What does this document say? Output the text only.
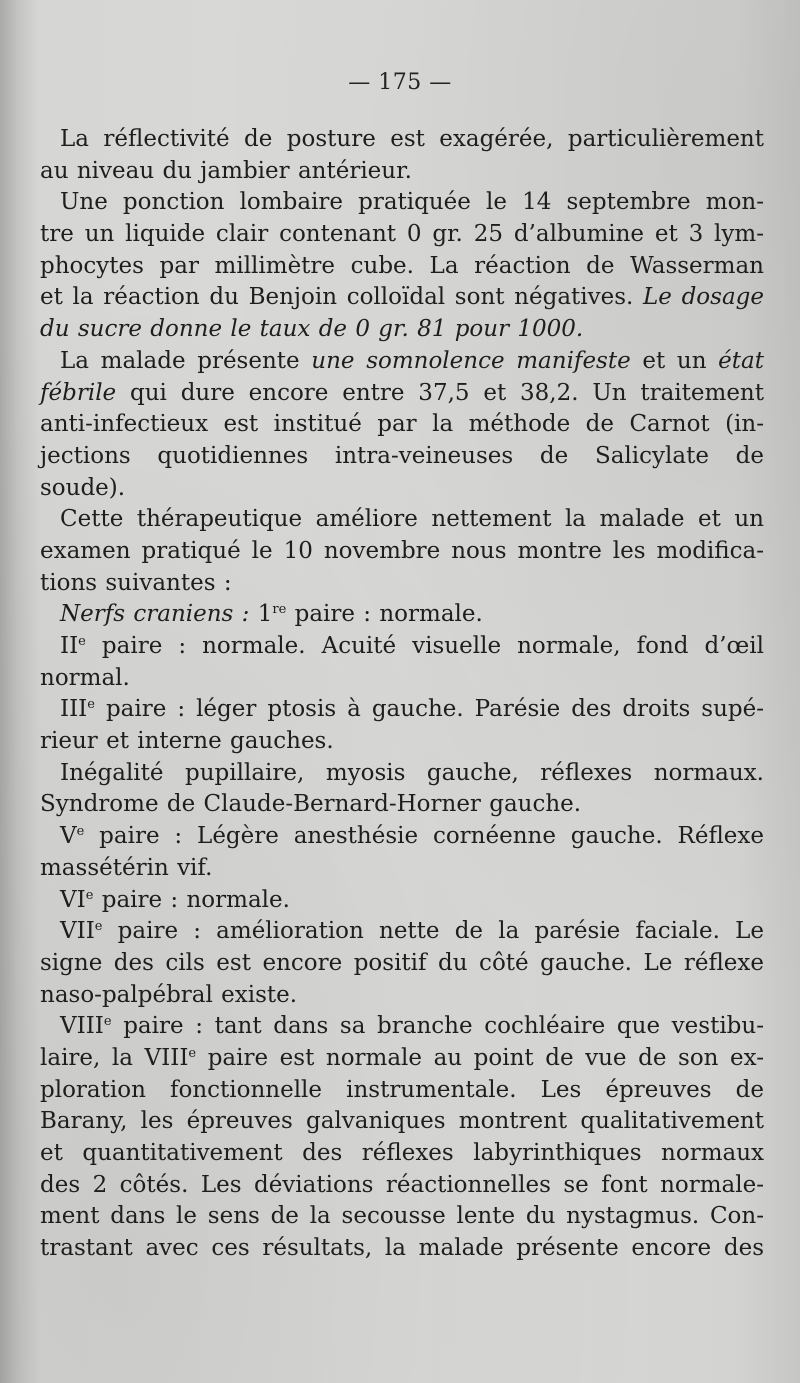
— 175 —
La réflectivité de posture est exagérée, particulièrement
au niveau du jambier antérieur.
Une ponction lombaire pratiquée le 14 septembre mon-
tre un liquide clair contenant 0 gr. 25 d’albumine et 3 lym-
phocytes par millimètre cube. La réaction de Wasserman
et la réaction du Benjoin colloïdal sont négatives. Le dosage
du sucre donne le taux de 0 gr. 81 pour 1000.
La malade présente une somnolence manifeste et un état
fébrile qui dure encore entre 37,5 et 38,2. Un traitement
anti-infectieux est institué par la méthode de Carnot (in-
jections quotidiennes intra-veineuses de Salicylate de
soude).
Cette thérapeutique améliore nettement la malade et un
examen pratiqué le 10 novembre nous montre les modifica-
tions suivantes :
Nerfs craniens : 1re paire : normale.
IIe paire : normale. Acuité visuelle normale, fond d’œil
normal.
IIIe paire : léger ptosis à gauche. Parésie des droits supé-
rieur et interne gauches.
Inégalité pupillaire, myosis gauche, réflexes normaux.
Syndrome de Claude-Bernard-Horner gauche.
Ve paire : Légère anesthésie cornéenne gauche. Réflexe
massétérin vif.
VIe paire : normale.
VIIe paire : amélioration nette de la parésie faciale. Le
signe des cils est encore positif du côté gauche. Le réflexe
naso-palpébral existe.
VIIIe paire : tant dans sa branche cochléaire que vestibu-
laire, la VIIIe paire est normale au point de vue de son ex-
ploration fonctionnelle instrumentale. Les épreuves de
Barany, les épreuves galvaniques montrent qualitativement
et quantitativement des réflexes labyrinthiques normaux
des 2 côtés. Les déviations réactionnelles se font normale-
ment dans le sens de la secousse lente du nystagmus. Con-
trastant avec ces résultats, la malade présente encore des
